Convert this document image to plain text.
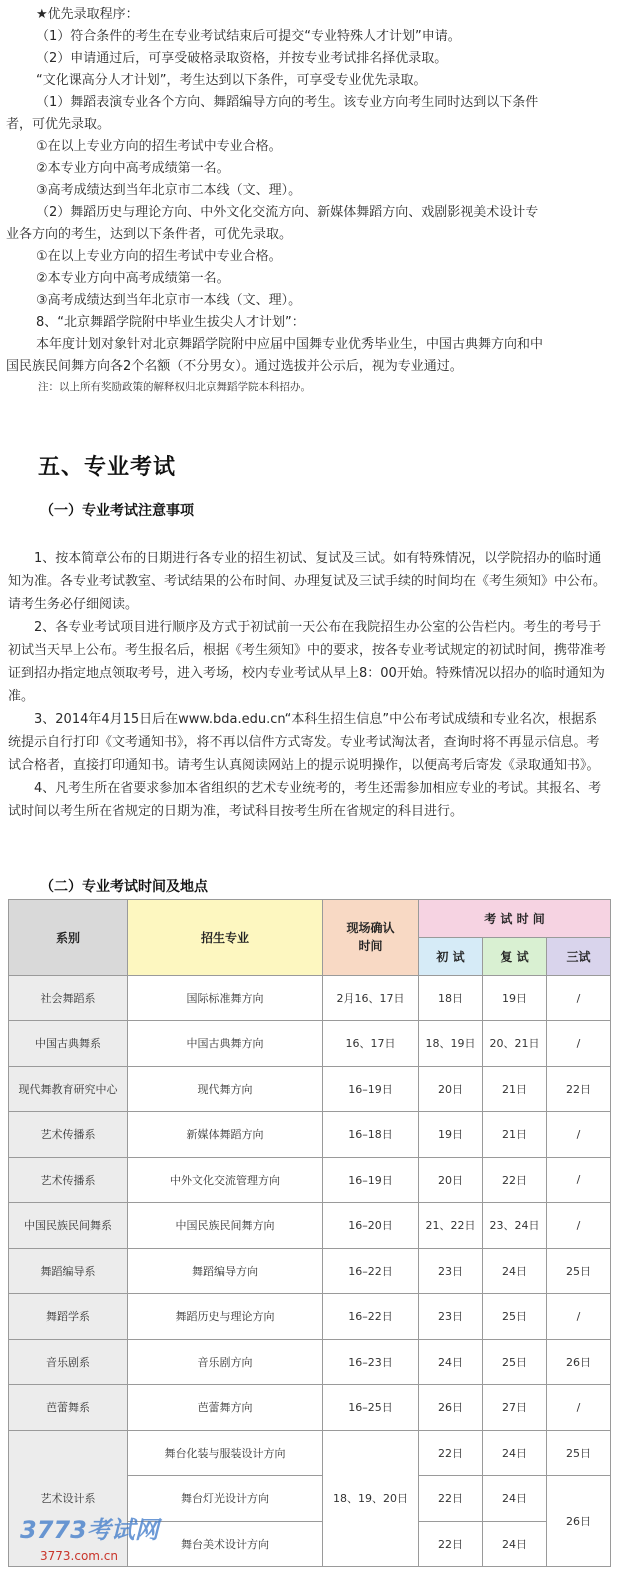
★优先录取程序：
（1）符合条件的考生在专业考试结束后可提交“专业特殊人才计划”申请。
（2）申请通过后，可享受破格录取资格，并按专业考试排名择优录取。
“文化课高分人才计划”，考生达到以下条件，可享受专业优先录取。
（1）舞蹈表演专业各个方向、舞蹈编导方向的考生。该专业方向考生同时达到以下条件
者，可优先录取。
①在以上专业方向的招生考试中专业合格。
②本专业方向中高考成绩第一名。
③高考成绩达到当年北京市二本线（文、理）。
（2）舞蹈历史与理论方向、中外文化交流方向、新媒体舞蹈方向、戏剧影视美术设计专
业各方向的考生，达到以下条件者，可优先录取。
①在以上专业方向的招生考试中专业合格。
②本专业方向中高考成绩第一名。
③高考成绩达到当年北京市一本线（文、理）。
8、“北京舞蹈学院附中毕业生拔尖人才计划”：
本年度计划对象针对北京舞蹈学院附中应届中国舞专业优秀毕业生，中国古典舞方向和中
国民族民间舞方向各2个名额（不分男女）。通过选拔并公示后，视为专业通过。
注：以上所有奖励政策的解释权归北京舞蹈学院本科招办。
五、专业考试
（一）专业考试注意事项
1、按本简章公布的日期进行各专业的招生初试、复试及三试。如有特殊情况，以学院招办的临时通知为准。各专业考试教室、考试结果的公布时间、办理复试及三试手续的时间均在《考生须知》中公布。请考生务必仔细阅读。
2、各专业考试项目进行顺序及方式于初试前一天公布在我院招生办公室的公告栏内。考生的考号于初试当天早上公布。考生报名后，根据《考生须知》中的要求，按各专业考试规定的初试时间，携带准考证到招办指定地点领取考号，进入考场，校内专业考试从早上8：00开始。特殊情况以招办的临时通知为准。
3、2014年4月15日后在www.bda.edu.cn“本科生招生信息”中公布考试成绩和专业名次，根据系统提示自行打印《文考通知书》，将不再以信件方式寄发。专业考试淘汰者，查询时将不再显示信息。考试合格者，直接打印通知书。请考生认真阅读网站上的提示说明操作，以便高考后寄发《录取通知书》。
4、凡考生所在省要求参加本省组织的艺术专业统考的，考生还需参加相应专业的考试。其报名、考试时间以考生所在省规定的日期为准，考试科目按考生所在省规定的科目进行。
（二）专业考试时间及地点
系别	招生专业	现场确认时间	考 试 时 间		
			初 试	复 试	三试
社会舞蹈系	国际标准舞方向	2月16、17日	18日	19日	/
中国古典舞系	中国古典舞方向	16、17日	18、19日	20、21日	/
现代舞教育研究中心	现代舞方向	16–19日	20日	21日	22日
艺术传播系	新媒体舞蹈方向	16–18日	19日	21日	/
艺术传播系	中外文化交流管理方向	16–19日	20日	22日	/
中国民族民间舞系	中国民族民间舞方向	16–20日	21、22日	23、24日	/
舞蹈编导系	舞蹈编导方向	16–22日	23日	24日	25日
舞蹈学系	舞蹈历史与理论方向	16–22日	23日	25日	/
音乐剧系	音乐剧方向	16–23日	24日	25日	26日
芭蕾舞系	芭蕾舞方向	16–25日	26日	27日	/
艺术设计系	舞台化装与服装设计方向	18、19、20日	22日	24日	25日
	舞台灯光设计方向		22日	24日	26日
	舞台美术设计方向		22日	24日	
3773考试网
3773.com.cn
